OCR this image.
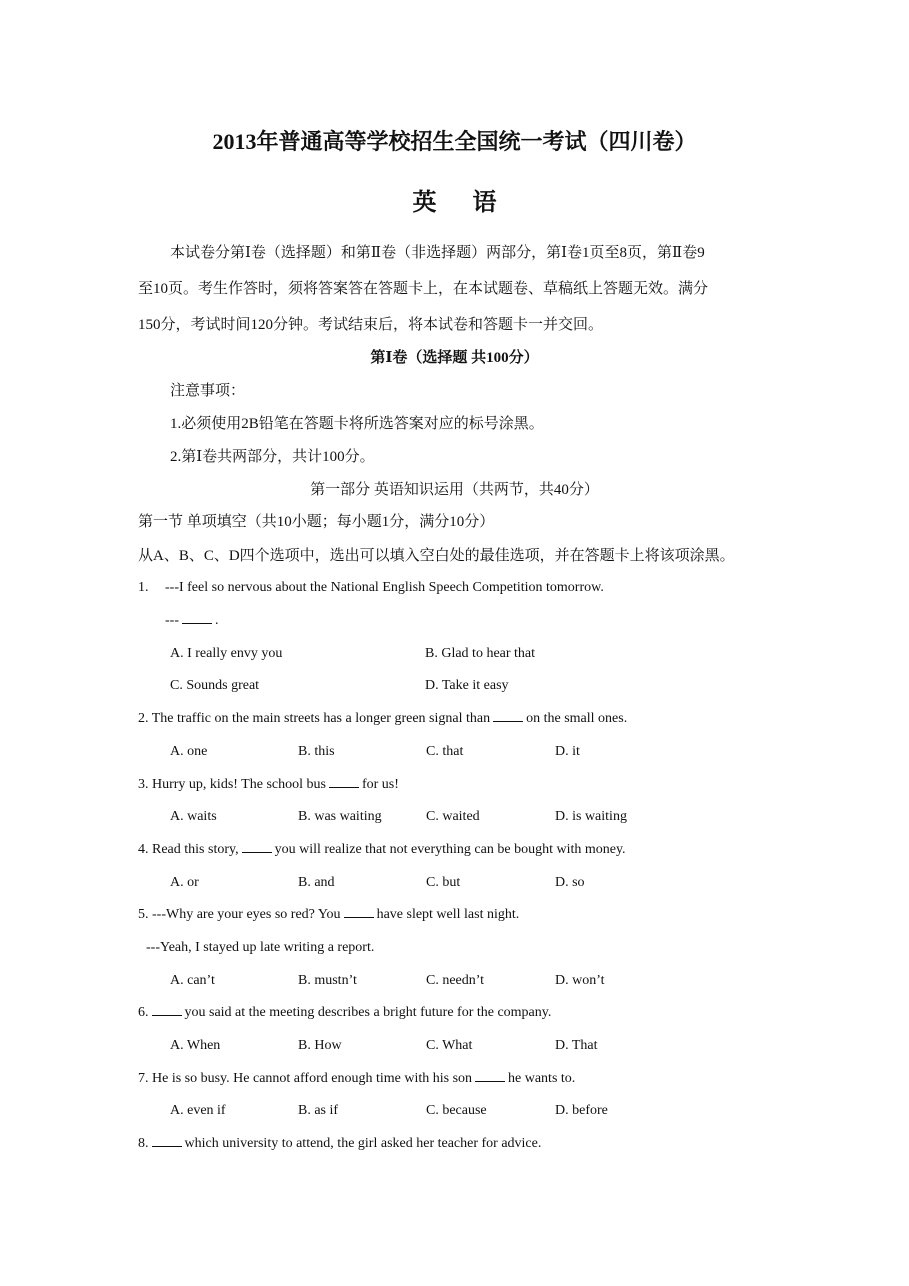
2013年普通高等学校招生全国统一考试（四川卷）
英语
本试卷分第Ⅰ卷（选择题）和第Ⅱ卷（非选择题）两部分，第Ⅰ卷1页至8页，第Ⅱ卷9
至10页。考生作答时，须将答案答在答题卡上，在本试题卷、草稿纸上答题无效。满分
150分，考试时间120分钟。考试结束后，将本试卷和答题卡一并交回。
第Ⅰ卷（选择题 共100分）
注意事项：
1.必须使用2B铅笔在答题卡将所选答案对应的标号涂黑。
2.第Ⅰ卷共两部分，共计100分。
第一部分 英语知识运用（共两节，共40分）
第一节 单项填空（共10小题；每小题1分，满分10分）
从A、B、C、D四个选项中，选出可以填入空白处的最佳选项，并在答题卡上将该项涂黑。
1. ---I feel so nervous about the National English Speech Competition tomorrow.
---	.
A. I really envy you	B. Glad to hear that
C. Sounds great	D. Take it easy
2. The traffic on the main streets has a longer green signal than	on the small ones.
A. one	B. this	C. that	D. it
3. Hurry up, kids! The school bus	for us!
A. waits	B. was waiting	C. waited	D. is waiting
4. Read this story,	you will realize that not everything can be bought with money.
A. or	B. and	C. but	D. so
5. ---Why are your eyes so red? You	have slept well last night.
---Yeah, I stayed up late writing a report.
A. can’t	B. mustn’t	C. needn’t	D. won’t
6.	you said at the meeting describes a bright future for the company.
A. When	B. How	C. What	D. That
7. He is so busy. He cannot afford enough time with his son	he wants to.
A. even if	B. as if	C. because	D. before
8.	which university to attend, the girl asked her teacher for advice.
